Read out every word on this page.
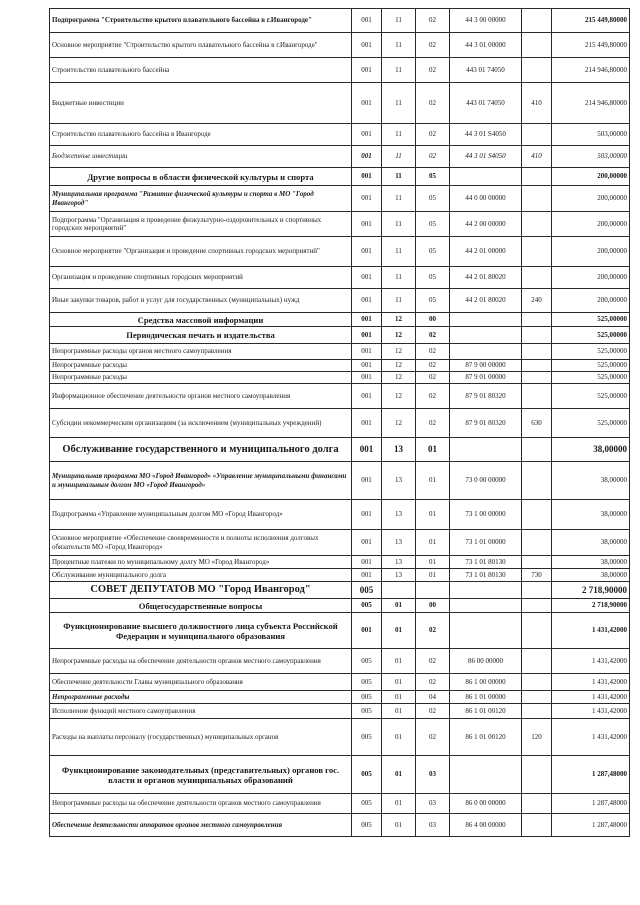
Подпрограмма "Строительство крытого плавательного бассейна в г.Ивангороде"	001	11	02	44 3 00 00000		215 449,80000
Основное мероприятие "Строительство крытого плавательного бассейна в г.Ивангороде"	001	11	02	44 3 01 00000		215 449,80000
Строительство плавательного бассейна	001	11	02	443 01 74050		214 946,80000
Бюджетные инвестиции	001	11	02	443 01 74050	410	214 946,80000
Строительство плавательного бассейна в Ивангороде	001	11	02	44 3 01 S4050		503,00000
Бюджетные инвестиции	001	11	02	44 3 01 S4050	410	503,00000
Другие вопросы в области физической культуры и спорта	001	11	05			200,00000
Муниципальная программа "Развитие физической культуры и спорта в МО "Город Ивангород"	001	11	05	44 0 00 00000		200,00000
Подпрограмма "Организация и проведение физкультурно-оздоровительных и спортивных городских мероприятий"	001	11	05	44 2 00 00000		200,00000
Основное мероприятие "Организация и проведение спортивных городских мероприятий"	001	11	05	44 2 01 00000		200,00000
Организация и проведение спортивных городских мероприятий	001	11	05	44 2 01 80020		200,00000
Иные закупки товаров, работ и услуг для государственных (муниципальных) нужд	001	11	05	44 2 01 80020	240	200,00000
Средства массовой информации	001	12	00			525,00000
Периодическая печать и издательства	001	12	02			525,00000
Непрограммные расходы органов местного самоуправления	001	12	02			525,00000
Непрограммные расходы	001	12	02	87 9 00 00000		525,00000
Непрограммные расходы	001	12	02	87 9 01 00000		525,00000
Информационное обеспечение деятельности органов местного самоуправления	001	12	02	87 9 01 80320		525,00000
Субсидии некоммерческим организациям (за исключением (муниципальных учреждений)	001	12	02	87 9 01 80320	630	525,00000
Обслуживание государственного и муниципального долга	001	13	01			38,00000
Муниципальная программа МО «Город Ивангород» «Управление муниципальными финансами и муниципальным долгом МО «Город Ивангород»	001	13	01	73 0 00 00000		38,00000
Подпрограмма «Управление муниципальным долгом МО «Город Ивангород»	001	13	01	73 1 00 00000		38,00000
Основное мероприятие «Обеспечение своевременности и полноты исполнения долговых обязательств МО «Город Ивангород»	001	13	01	73 1 01 00000		38,00000
Процентные платежи по муниципальному долгу МО «Город Ивангород»	001	13	01	73 1 01 80130		38,00000
Обслуживание муниципального долга	001	13	01	73 1 01 80130	730	38,00000
СОВЕТ ДЕПУТАТОВ МО "Город Ивангород"	005					2 718,90000
Общегосударственные вопросы	005	01	00			2 718,90000
Функционирование высшего должностного лица субъекта Российской Федерации и муниципального образования	001	01	02			1 431,42000
Непрограммные расходы на обеспечение деятельности органов местного самоуправления	005	01	02	86 00 00000		1 431,42000
Обеспечение деятельности Главы муниципального образования	005	01	02	86 1 00 00000		1 431,42000
Непрограммные расходы	005	01	04	86 1 01 00000		1 431,42000
Исполнение функций местного самоуправления	005	01	02	86 1 01 00120		1 431,42000
Расходы на выплаты персоналу (государственных) муниципальных органов	005	01	02	86 1 01 00120	120	1 431,42000
Функционирование законодательных (представительных) органов гос. власти и органов муниципальных образований	005	01	03			1 287,48000
Непрограммные расходы на обеспечение деятельности органов местного самоуправления	005	01	03	86 0 00 00000		1 287,48000
Обеспечение деятельности аппаратов органов местного самоуправления	005	01	03	86 4 00 00000		1 287,48000
